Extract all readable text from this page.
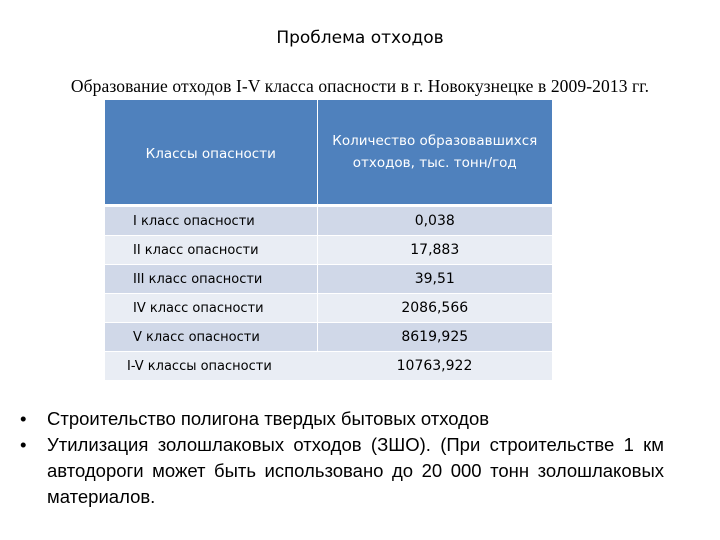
Проблема отходов
Образование отходов I-V класса опасности в г. Новокузнецке в 2009-2013 гг.
Классы опасности	Количество образовавшихся отходов, тыс. тонн/год
I класс опасности	0,038
II класс опасности	17,883
III класс опасности	39,51
IV класс опасности	2086,566
V класс опасности	8619,925
I-V классы опасности	10763,922
• Строительство полигона твердых бытовых отходов
• Утилизация золошлаковых отходов (ЗШО). (При строительстве 1 км автодороги может быть использовано до 20 000 тонн золошлаковых материалов.
